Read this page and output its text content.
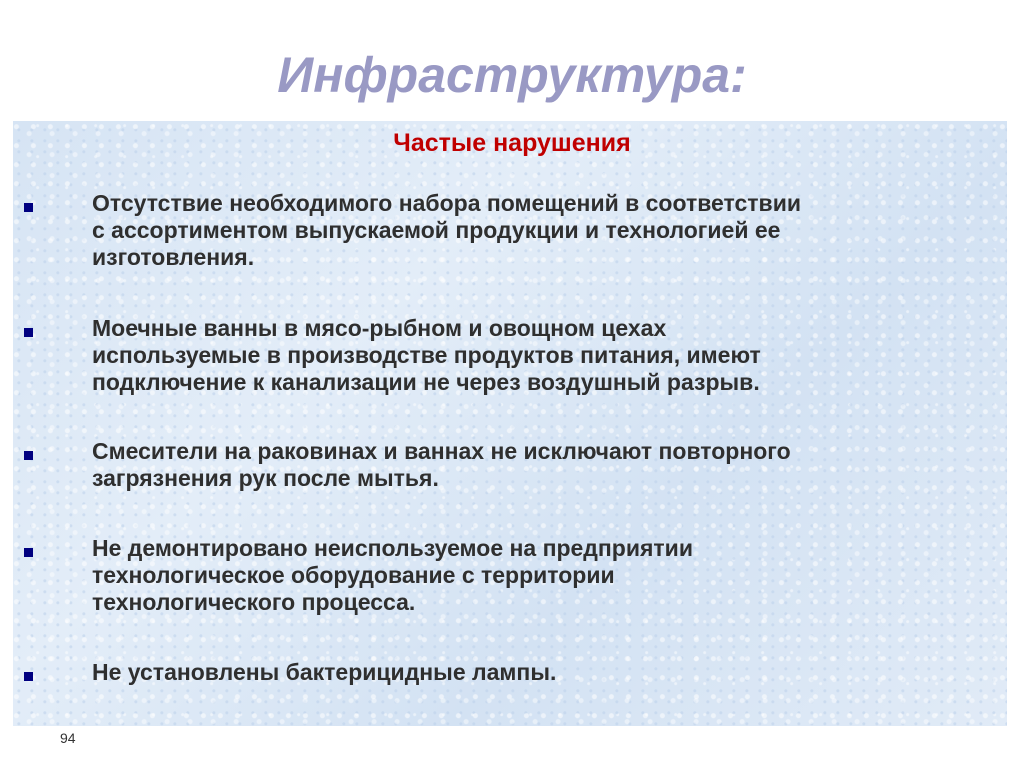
Инфраструктура:
Частые нарушения
Отсутствие необходимого набора помещений в соответствии
с ассортиментом выпускаемой продукции и технологией ее
изготовления.
Моечные ванны в мясо-рыбном и овощном цехах
используемые в производстве продуктов питания, имеют
подключение к канализации не через воздушный разрыв.
Смесители на раковинах и ваннах не исключают повторного
загрязнения рук после мытья.
Не демонтировано неиспользуемое на предприятии
технологическое оборудование с территории
технологического процесса.
Не установлены бактерицидные лампы.
94
